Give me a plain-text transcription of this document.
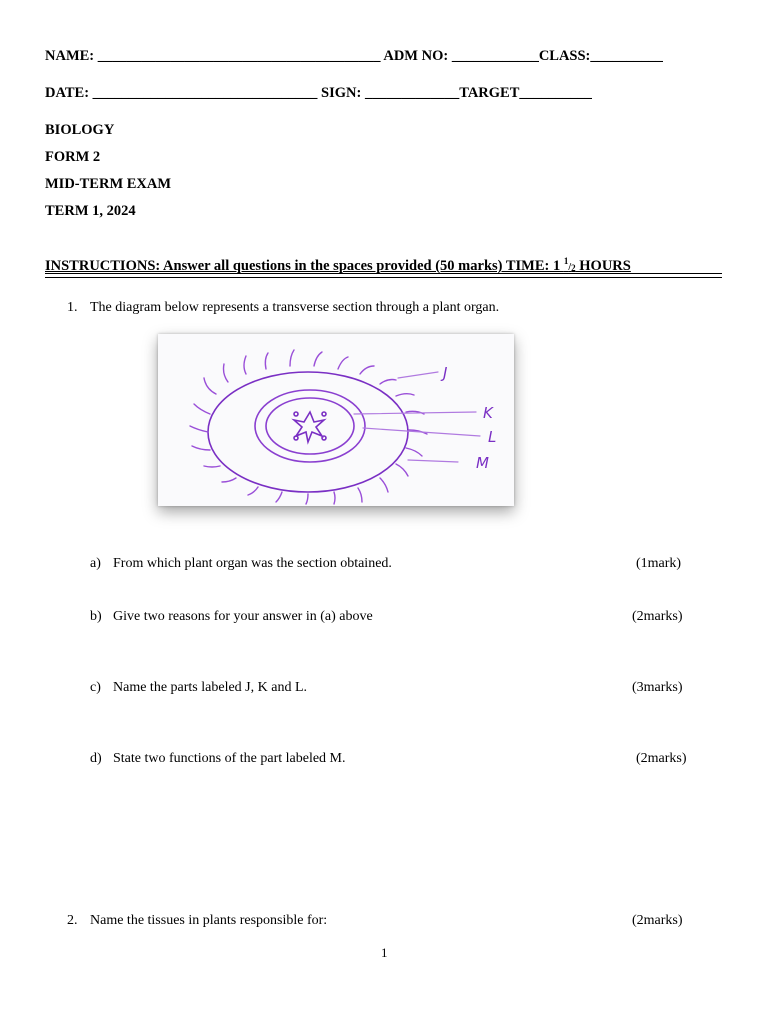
NAME: _______________________________________ ADM NO: ____________CLASS:__________
DATE: _______________________________ SIGN: _____________TARGET__________
BIOLOGY
FORM 2
MID-TERM EXAM
TERM 1, 2024
INSTRUCTIONS: Answer all questions in the spaces provided (50 marks) TIME: 1 $^1/_2$ HOURS
1. The diagram below represents a transverse section through a plant organ.
J
K
L
M
a) From which plant organ was the section obtained.	(1mark)
b) Give two reasons for your answer in (a) above	(2marks)
c) Name the parts labeled J, K and L.	(3marks)
d) State two functions of the part labeled M.	(2marks)
2. Name the tissues in plants responsible for:	(2marks)
1
